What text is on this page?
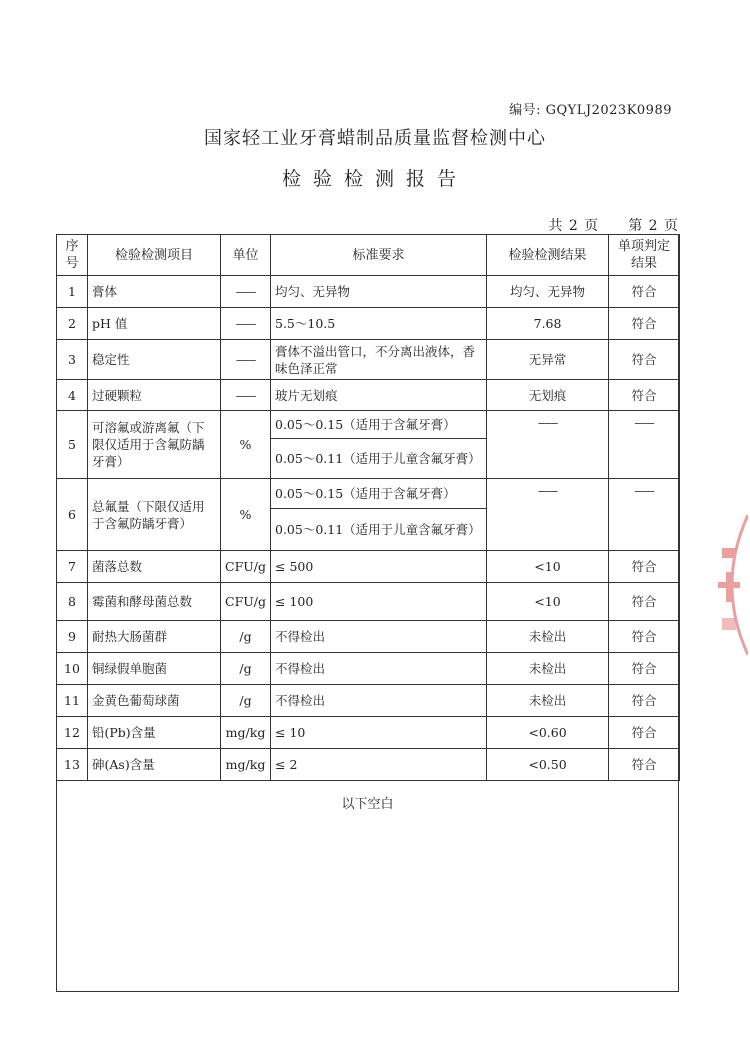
编号: GQYLJ2023K0989
国家轻工业牙膏蜡制品质量监督检测中心
检验检测报告
共 2 页 第 2 页
序号	检验检测项目	单位	标准要求	检验检测结果	单项判定结果
1	膏体	------	均匀、无异物	均匀、无异物	符合
2	pH 值	------	5.5～10.5	7.68	符合
3	稳定性	------	膏体不溢出管口，不分离出液体，香味色泽正常	无异常	符合
4	过硬颗粒	------	玻片无划痕	无划痕	符合
5	可溶氟或游离氟（下限仅适用于含氟防龋牙膏）	%	0.05～0.15（适用于含氟牙膏）	------	------
			0.05～0.11（适用于儿童含氟牙膏）		
6	总氟量（下限仅适用于含氟防龋牙膏）	%	0.05～0.15（适用于含氟牙膏）	------	------
			0.05～0.11（适用于儿童含氟牙膏）		
7	菌落总数	CFU/g	≤ 500	<10	符合
8	霉菌和酵母菌总数	CFU/g	≤ 100	<10	符合
9	耐热大肠菌群	/g	不得检出	未检出	符合
10	铜绿假单胞菌	/g	不得检出	未检出	符合
11	金黄色葡萄球菌	/g	不得检出	未检出	符合
12	铅(Pb)含量	mg/kg	≤ 10	<0.60	符合
13	砷(As)含量	mg/kg	≤ 2	<0.50	符合
以下空白
